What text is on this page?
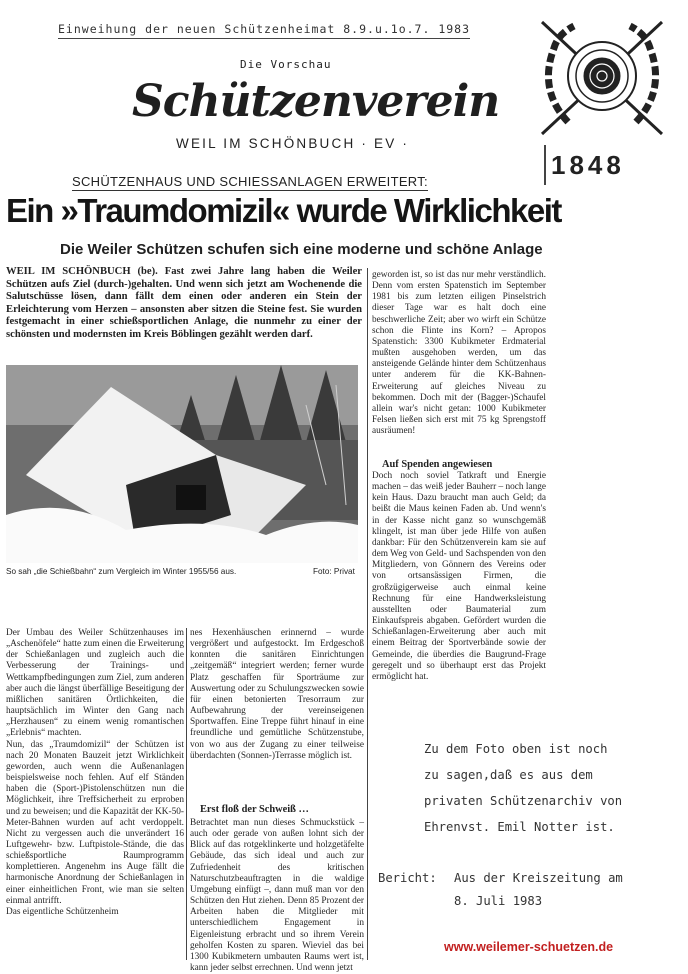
Einweihung der neuen Schützenheimat 8.9.u.1o.7. 1983
Die Vorschau
Schützenverein
WEIL IM SCHÖNBUCH · EV ·
1848
SCHÜTZENHAUS UND SCHIESSANLAGEN ERWEITERT:
Ein »Traumdomizil« wurde Wirklichkeit
Die Weiler Schützen schufen sich eine moderne und schöne Anlage
WEIL IM SCHÖNBUCH (be). Fast zwei Jahre lang haben die Weiler Schützen aufs Ziel (durch-)gehalten. Und wenn sich jetzt am Wochenende die Salutschüsse lösen, dann fällt dem einen oder anderen ein Stein der Erleichterung vom Herzen – ansonsten aber sitzen die Steine fest. Sie wurden festgemacht in einer schießsportlichen Anlage, die nunmehr zu einer der schönsten und modernsten im Kreis Böblingen gezählt werden darf.
So sah „die Schießbahn“ zum Vergleich im Winter 1955/56 aus.	Foto: Privat
Der Umbau des Weiler Schützenhauses im „Aschenöfele“ hatte zum einen die Erweiterung der Schießanlagen und zugleich auch die Verbesserung der Trainings- und Wettkampfbedingungen zum Ziel, zum anderen aber auch die längst überfällige Beseitigung der mißlichen sanitären Örtlichkeiten, die hauptsächlich im Winter den Gang nach „Herzhausen“ zu einem wenig romantischen „Erlebnis“ machten.
Nun, das „Traumdomizil“ der Schützen ist nach 20 Monaten Bauzeit jetzt Wirklichkeit geworden, auch wenn die Außenanlagen beispielsweise noch fehlen. Auf elf Ständen haben die (Sport-)Pistolenschützen nun die Möglichkeit, ihre Treffsicherheit zu erproben und zu beweisen; und die Kapazität der KK-50-Meter-Bahnen wurden auf acht verdoppelt. Nicht zu vergessen auch die unverändert 16 Luftgewehr- bzw. Luftpistole-Stände, die das schießsportliche Raumprogramm komplettieren. Angenehm ins Auge fällt die harmonische Anordnung der Schießanlagen in einer einheitlichen Front, wie man sie selten einmal antrifft.
Das eigentliche Schützenheim
nes Hexenhäuschen erinnernd – wurde vergrößert und aufgestockt. Im Erdgeschoß konnten die sanitären Einrichtungen „zeitgemäß“ integriert werden; ferner wurde Platz geschaffen für Sporträume zur Auswertung oder zu Schulungszwecken sowie für einen betonierten Tresorraum zur Aufbewahrung der vereinseigenen Sportwaffen. Eine Treppe führt hinauf in eine freundliche und gemütliche Schützenstube, von wo aus der Zugang zu einer teilweise überdachten (Sonnen-)Terrasse möglich ist.
Erst floß der Schweiß …
Betrachtet man nun dieses Schmuckstück – auch oder gerade von außen lohnt sich der Blick auf das rotgeklinkerte und holzgetäfelte Gebäude, das sich ideal und auch zur Zufriedenheit des kritischen Naturschutzbeauftragten in die waldige Umgebung einfügt –, dann muß man vor den Schützen den Hut ziehen. Denn 85 Prozent der Arbeiten haben die Mitglieder mit unterschiedlichem Engagement in Eigenleistung erbracht und so ihrem Verein geholfen Kosten zu sparen. Wieviel das bei 1300 Kubikmetern umbauten Raums wert ist, kann jeder selbst errechnen. Und wenn jetzt
geworden ist, so ist das nur mehr verständlich. Denn vom ersten Spatenstich im September 1981 bis zum letzten eiligen Pinselstrich dieser Tage war es halt doch eine beschwerliche Zeit; aber wo wirft ein Schütze schon die Flinte ins Korn? – Apropos Spatenstich: 3300 Kubikmeter Erdmaterial mußten ausgehoben werden, um das ansteigende Gelände hinter dem Schützenhaus unter anderem für die KK-Bahnen-Erweiterung auf gleiches Niveau zu bekommen. Doch mit der (Bagger-)Schaufel allein war's nicht getan: 1000 Kubikmeter Felsen ließen sich erst mit 75 kg Sprengstoff ausräumen!
Auf Spenden angewiesen
Doch noch soviel Tatkraft und Energie machen – das weiß jeder Bauherr – noch lange kein Haus. Dazu braucht man auch Geld; da beißt die Maus keinen Faden ab. Und wenn's in der Kasse nicht ganz so wunschgemäß klingelt, ist man über jede Hilfe von außen dankbar: Für den Schützenverein kam sie auf dem Weg von Geld- und Sachspenden von den Mitgliedern, von Gönnern des Vereins oder von ortsansässigen Firmen, die großzügigerweise auch einmal keine Rechnung für eine Handwerksleistung ausstellten oder Baumaterial zum Einkaufspreis abgaben. Gefördert wurden die Schießanlagen-Erweiterung aber auch mit einem Beitrag der Sportverbände sowie der Gemeinde, die überdies die Baugrund-Frage geregelt und so überhaupt erst das Projekt ermöglicht hat.
Zu dem Foto oben ist noch
zu sagen,daß es aus dem
privaten Schützenarchiv von
Ehrenvst. Emil Notter ist.
Bericht: Aus der Kreiszeitung am
8. Juli 1983
www.weilemer-schuetzen.de
